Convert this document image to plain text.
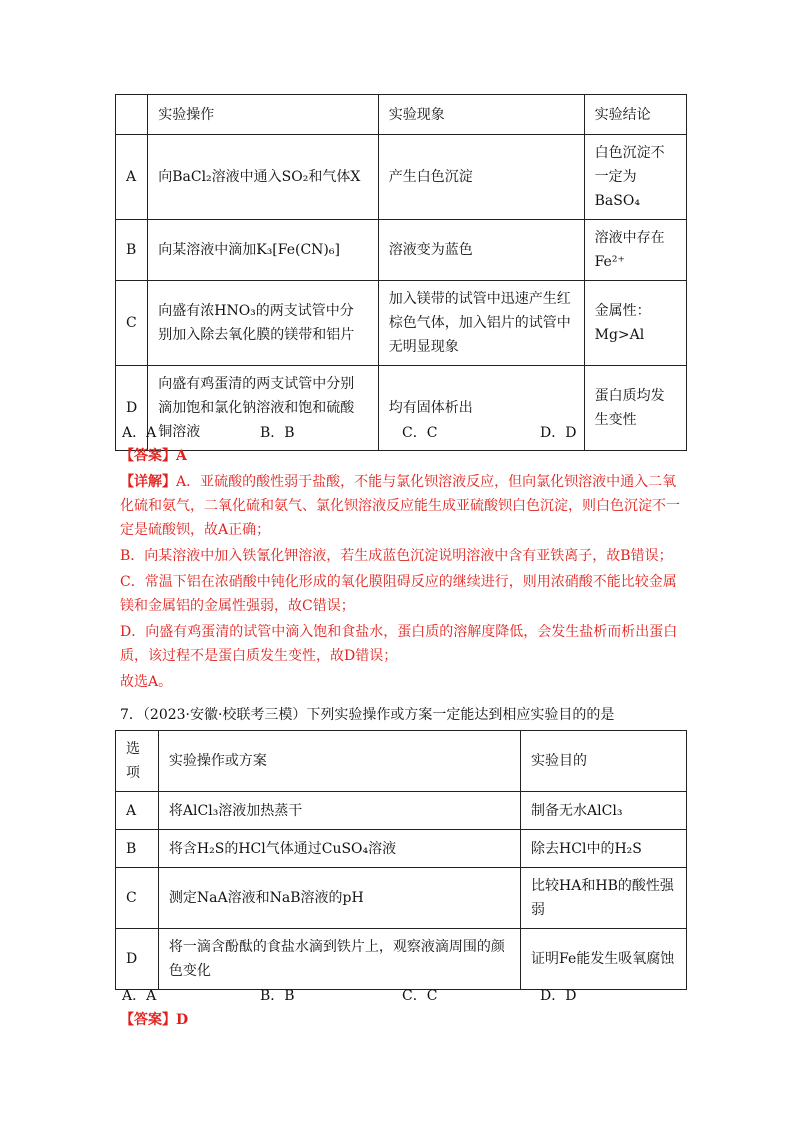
	实验操作	实验现象	实验结论
A	向BaCl₂溶液中通入SO₂和气体X	产生白色沉淀	白色沉淀不一定为BaSO₄
B	向某溶液中滴加K₃[Fe(CN)₆]	溶液变为蓝色	溶液中存在Fe²⁺
C	向盛有浓HNO₃的两支试管中分别加入除去氧化膜的镁带和铝片	加入镁带的试管中迅速产生红棕色气体，加入铝片的试管中无明显现象	金属性：Mg>Al
D	向盛有鸡蛋清的两支试管中分别滴加饱和氯化钠溶液和饱和硫酸铜溶液	均有固体析出	蛋白质均发生变性
A．A	B．B	C．C	D．D
【答案】A
【详解】A．亚硫酸的酸性弱于盐酸，不能与氯化钡溶液反应，但向氯化钡溶液中通入二氧化硫和氨气，二氧化硫和氨气、氯化钡溶液反应能生成亚硫酸钡白色沉淀，则白色沉淀不一定是硫酸钡，故A正确；
B．向某溶液中加入铁氰化钾溶液，若生成蓝色沉淀说明溶液中含有亚铁离子，故B错误；
C．常温下铝在浓硝酸中钝化形成的氧化膜阻碍反应的继续进行，则用浓硝酸不能比较金属镁和金属铝的金属性强弱，故C错误；
D．向盛有鸡蛋清的试管中滴入饱和食盐水，蛋白质的溶解度降低，会发生盐析而析出蛋白质，该过程不是蛋白质发生变性，故D错误；
故选A。
7．（2023·安徽·校联考三模）下列实验操作或方案一定能达到相应实验目的的是
选项	实验操作或方案	实验目的
A	将AlCl₃溶液加热蒸干	制备无水AlCl₃
B	将含H₂S的HCl气体通过CuSO₄溶液	除去HCl中的H₂S
C	测定NaA溶液和NaB溶液的pH	比较HA和HB的酸性强弱
D	将一滴含酚酞的食盐水滴到铁片上，观察液滴周围的颜色变化	证明Fe能发生吸氧腐蚀
A．A	B．B	C．C	D．D
【答案】D
